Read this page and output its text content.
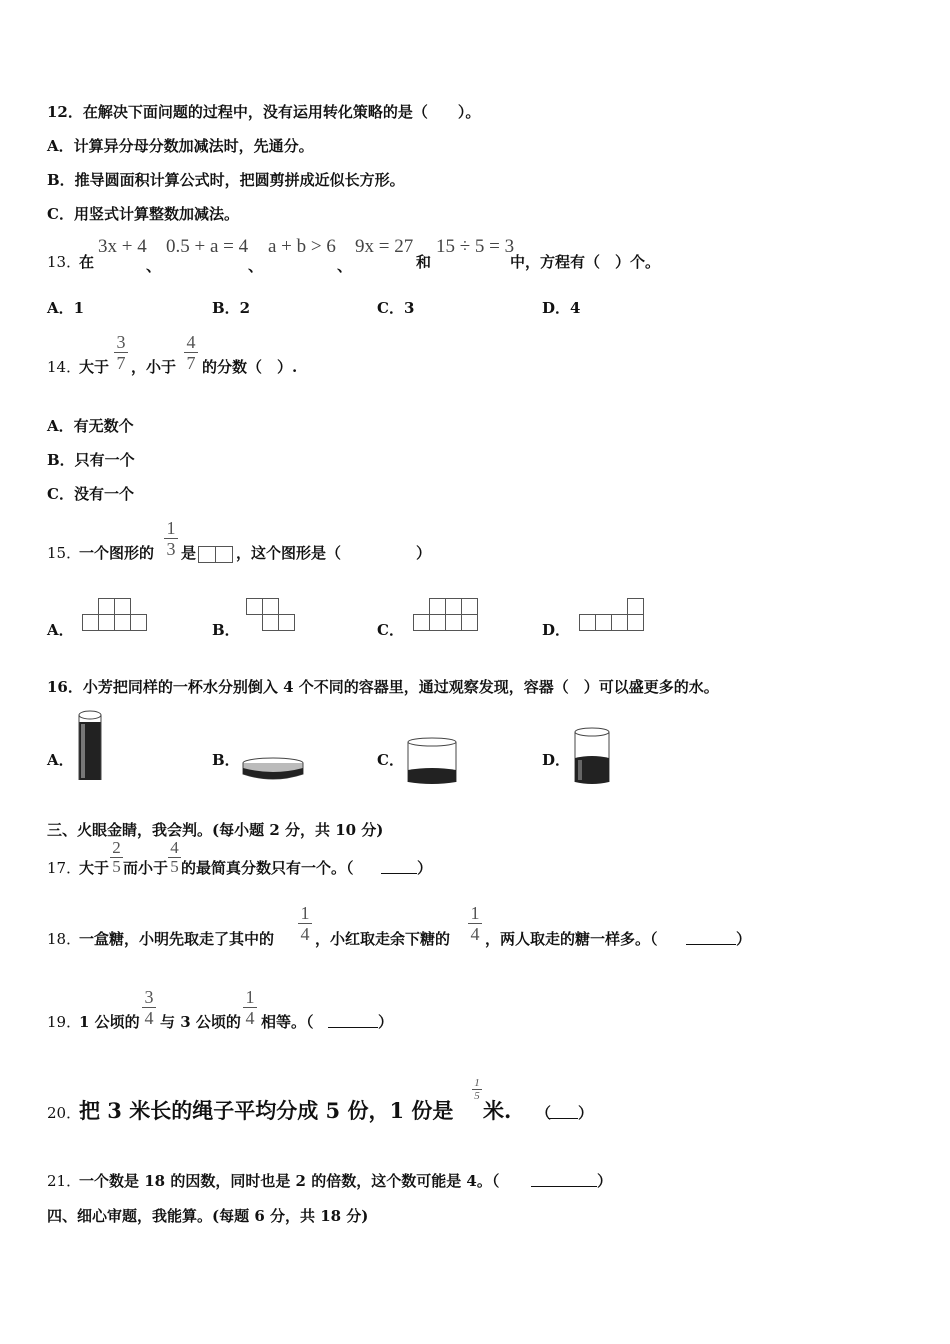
12．在解决下面问题的过程中，没有运用转化策略的是（　　）。
A．计算异分母分数加减法时，先通分。
B．推导圆面积计算公式时，把圆剪拼成近似长方形。
C．用竖式计算整数加减法。
13．
在
3x + 4
、
0.5 + a = 4
、
a + b > 6
、
9x = 27
和
15 ÷ 5 = 3
中，方程有（　）个。
A．1	B．2	C．3	D．4
14．
大于
3
7 ，小于
4
7 的分数（　）.
A．有无数个
B．只有一个
C．没有一个
15．
一个图形的
1
3 是	，这个图形是（　　　　　）
A．	B．	C．	D．
16．小芳把同样的一杯水分别倒入 4 个不同的容器里，通过观察发现，容器（　）可以盛更多的水。
A．	B．	C．	D．
三、火眼金睛，我会判。(每小题 2 分，共 10 分)
17．
大于
2
5 而小于
4
5 的最简真分数只有一个。（	）
18．
一盒糖，小明先取走了其中的
1
4 ，小红取走余下糖的
1
4 ，两人取走的糖一样多。（	）
19．
1 公顷的
3
4 与 3 公顷的
1
4 相等。（	）
20．
把 3 米长的绳子平均分成 5 份，1 份是
1
5
米. （ ）
21．
一个数是 18 的因数，同时也是 2 的倍数，这个数可能是 4。（	）
四、细心审题，我能算。(每题 6 分，共 18 分)
